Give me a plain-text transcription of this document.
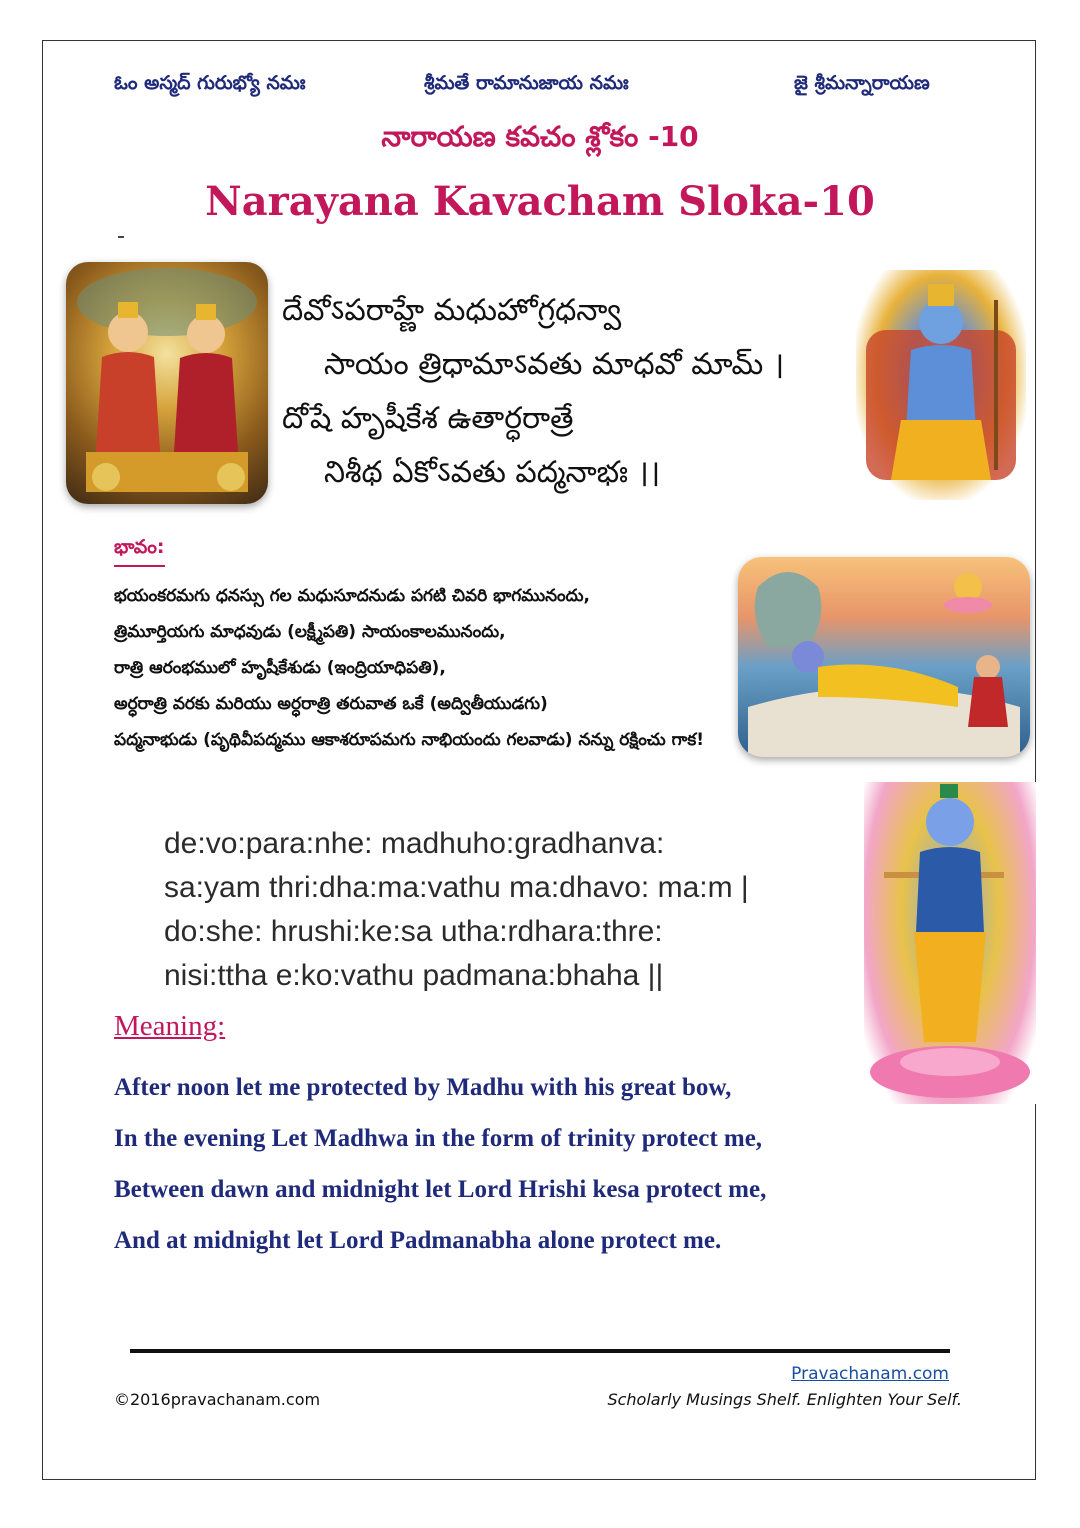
ఓం అస్మద్ గురుభ్యో నమః	శ్రీమతే రామానుజాయ నమః	జై శ్రీమన్నారాయణ
నారాయణ కవచం శ్లోకం -10
Narayana Kavacham Sloka-10
దేవోऽపరాహ్ణే మధుహోగ్రధన్వా
సాయం త్రిధామాऽవతు మాధవో మామ్ ।
దోషే హృషీకేశ ఉతార్ధరాత్రే
నిశీథ ఏకోऽవతు పద్మనాభః ।।
భావం:
భయంకరమగు ధనస్సు గల మధుసూదనుడు పగటి చివరి భాగమునందు,
త్రిమూర్తియగు మాధవుడు (లక్ష్మీపతి) సాయంకాలమునందు,
రాత్రి ఆరంభములో హృషీకేశుడు (ఇంద్రియాధిపతి),
అర్ధరాత్రి వరకు మరియు అర్ధరాత్రి తరువాత ఒకే (అద్వితీయుడగు)
పద్మనాభుడు (పృథివీపద్మము ఆకాశరూపమగు నాభియందు గలవాడు) నన్ను రక్షించు గాక!
de:vo:para:nhe: madhuho:gradhanva:
sa:yam thri:dha:ma:vathu ma:dhavo: ma:m |
do:she: hrushi:ke:sa utha:rdhara:thre:
nisi:ttha e:ko:vathu padmana:bhaha ||
Meaning:
After noon let me protected by Madhu with his great bow,
In the evening Let Madhwa in the form of trinity protect me,
Between dawn and midnight let Lord Hrishi kesa protect me,
And at midnight let Lord Padmanabha alone protect me.
Pravachanam.com
©2016pravachanam.com	Scholarly Musings Shelf. Enlighten Your Self.
